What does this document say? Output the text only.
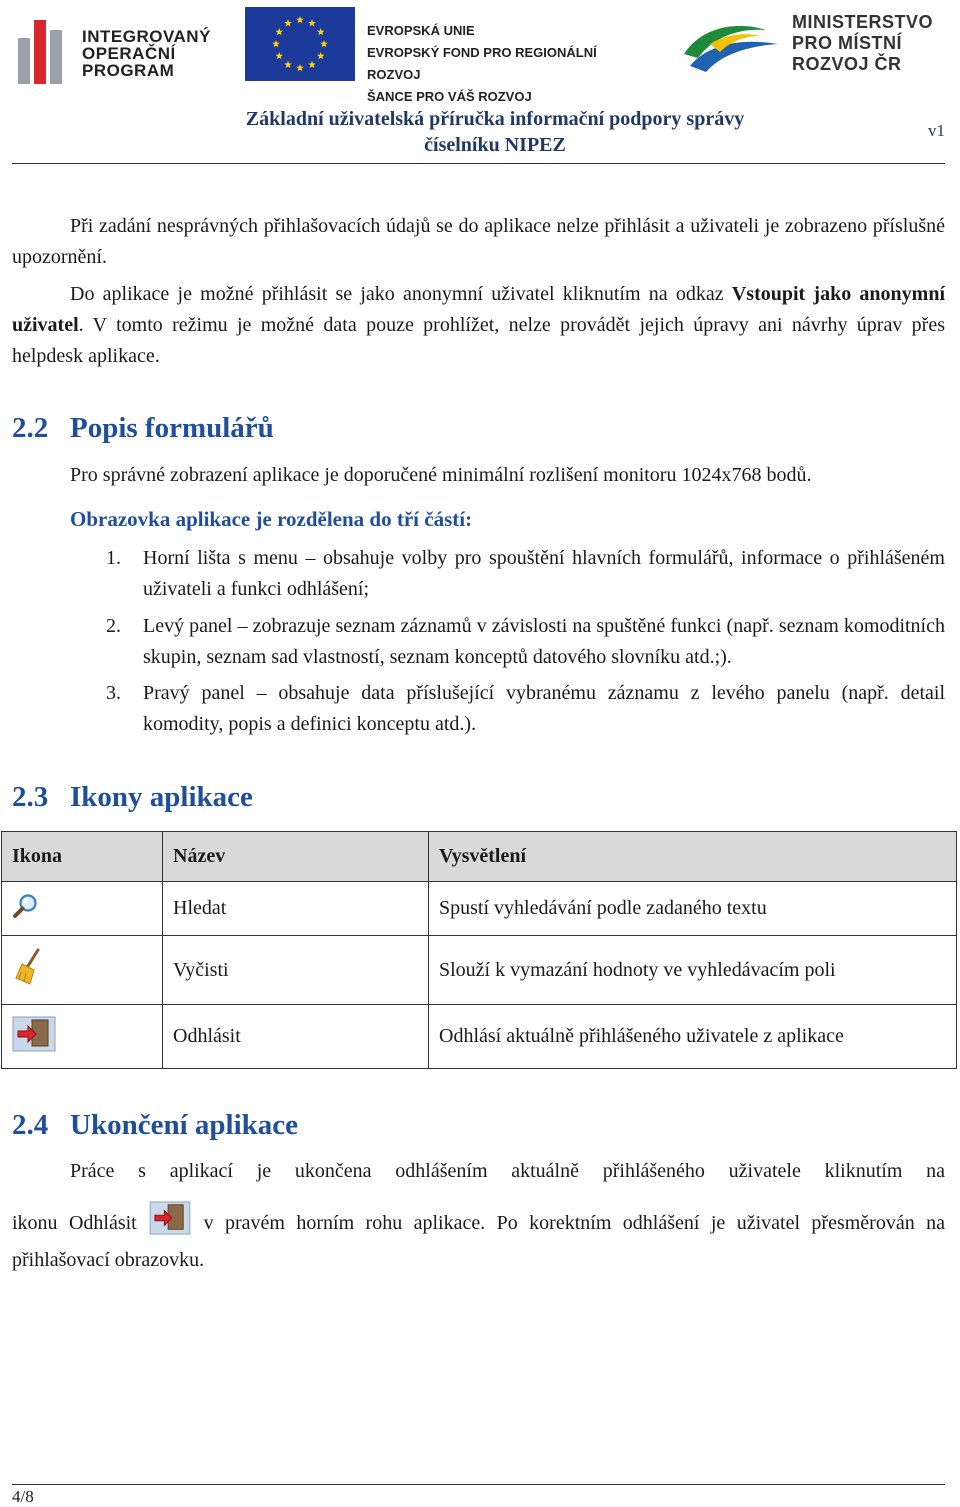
INTEGROVANÝ
OPERAČNÍ
PROGRAM
EVROPSKÁ UNIE
EVROPSKÝ FOND PRO REGIONÁLNÍ ROZVOJ
ŠANCE PRO VÁŠ ROZVOJ
MINISTERSTVO
PRO MÍSTNÍ
ROZVOJ ČR
Základní uživatelská příručka informační podpory správy
číselníku NIPEZ
v1

Při zadání nesprávných přihlašovacích údajů se do aplikace nelze přihlásit a uživateli je zobrazeno příslušné upozornění.

Do aplikace je možné přihlásit se jako anonymní uživatel kliknutím na odkaz Vstoupit jako anonymní uživatel. V tomto režimu je možné data pouze prohlížet, nelze provádět jejich úpravy ani návrhy úprav přes helpdesk aplikace.

2.2 Popis formulářů

Pro správné zobrazení aplikace je doporučené minimální rozlišení monitoru 1024x768 bodů.

Obrazovka aplikace je rozdělena do tří částí:
1. Horní lišta s menu – obsahuje volby pro spouštění hlavních formulářů, informace o přihlášeném uživateli a funkci odhlášení;

2. Levý panel – zobrazuje seznam záznamů v závislosti na spuštěné funkci (např. seznam komoditních skupin, seznam sad vlastností, seznam konceptů datového slovníku atd.;).

3. Pravý panel – obsahuje data příslušející vybranému záznamu z levého panelu (např. detail komodity, popis a definici konceptu atd.).

2.3 Ikony aplikace
Ikona	Název	Vysvětlení
	Hledat	Spustí vyhledávání podle zadaného textu
	Vyčisti	Slouží k vymazání hodnoty ve vyhledávacím poli
	Odhlásit	Odhlásí aktuálně přihlášeného uživatele z aplikace
2.4 Ukončení aplikace

Práce s aplikací je ukončena odhlášením aktuálně přihlášeného uživatele kliknutím na

ikonu Odhlásit	v pravém horním rohu aplikace. Po korektním odhlášení je uživatel přesměrován na přihlašovací obrazovku.

4/8
